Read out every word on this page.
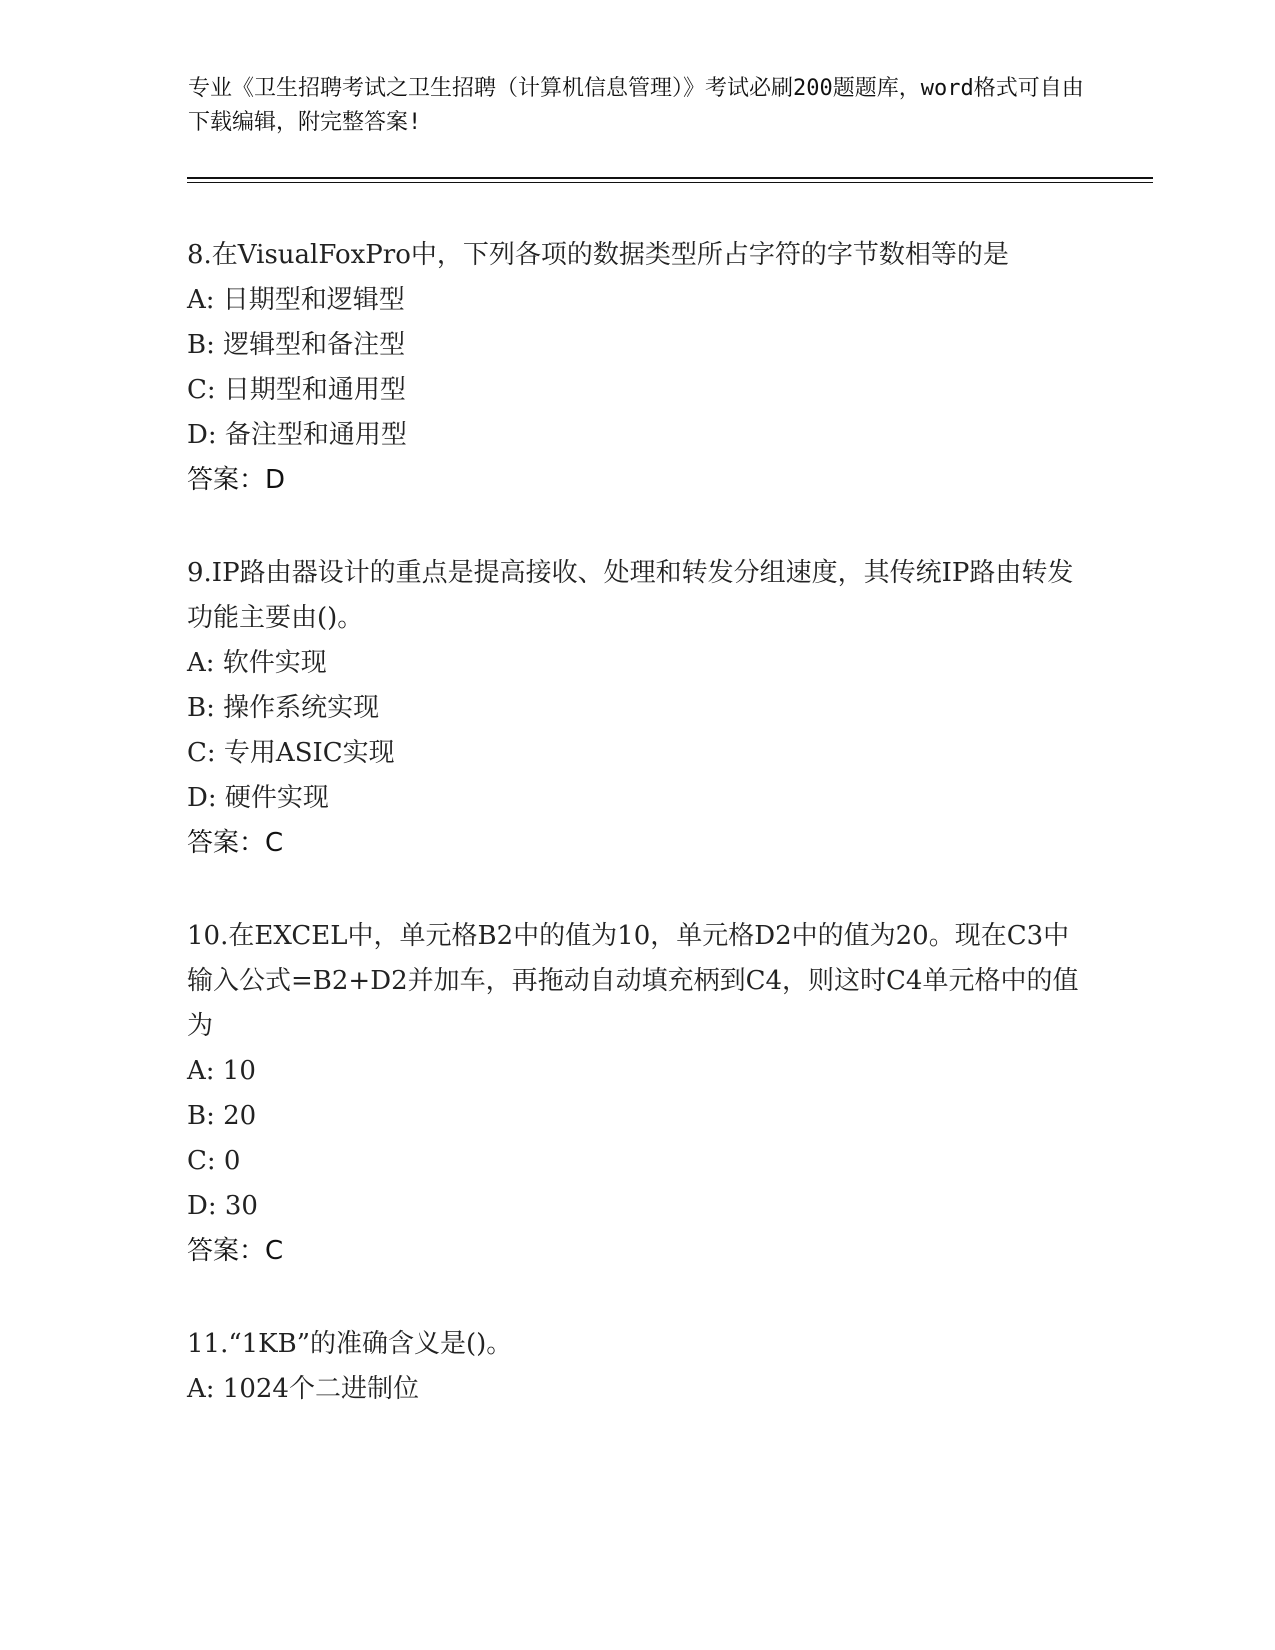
专业《卫生招聘考试之卫生招聘（计算机信息管理）》考试必刷200题题库，word格式可自由下载编辑，附完整答案!

8.在VisualFoxPro中，下列各项的数据类型所占字符的字节数相等的是

A: 日期型和逻辑型

B: 逻辑型和备注型

C: 日期型和通用型

D: 备注型和通用型

答案：D

9.IP路由器设计的重点是提高接收、处理和转发分组速度，其传统IP路由转发功能主要由()。

A: 软件实现

B: 操作系统实现

C: 专用ASIC实现

D: 硬件实现

答案：C

10.在EXCEL中，单元格B2中的值为10，单元格D2中的值为20。现在C3中输入公式=B2+D2并加车，再拖动自动填充柄到C4，则这时C4单元格中的值为

A: 10

B: 20

C: 0

D: 30

答案：C

11.“1KB”的准确含义是()。

A: 1024个二进制位
